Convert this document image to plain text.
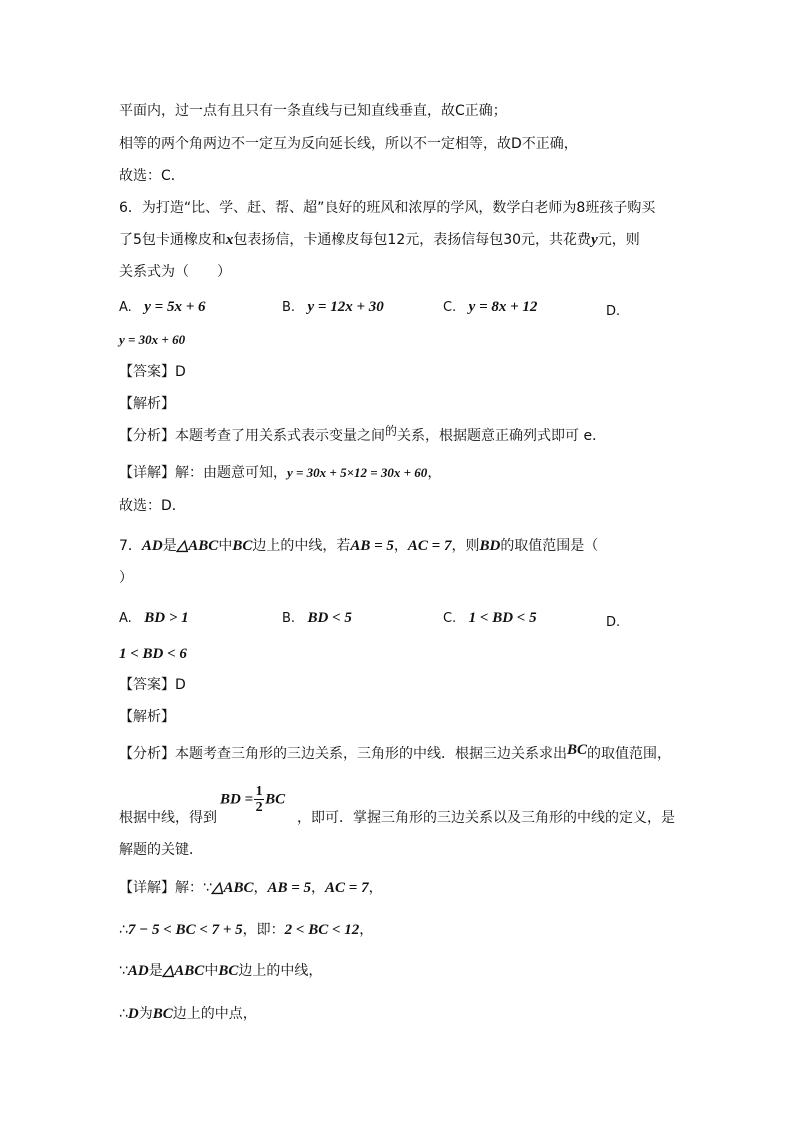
平面内，过一点有且只有一条直线与已知直线垂直，故C正确；
相等的两个角两边不一定互为反向延长线，所以不一定相等，故D不正确，
故选：C．
6．为打造“比、学、赶、帮、超”良好的班风和浓厚的学风，数学白老师为8班孩子购买
了5包卡通橡皮和x包表扬信，卡通橡皮每包12元，表扬信每包30元，共花费y元，则
关系式为（　　）
A. y = 5x + 6	B. y = 12x + 30	C. y = 8x + 12	D.
y = 30x + 60
【答案】D
【解析】
【分析】本题考查了用关系式表示变量之间的关系，根据题意正确列式即可 e．
【详解】解：由题意可知，y = 30x + 5×12 = 30x + 60，
故选：D．
7．AD是△ABC中BC边上的中线，若AB = 5，AC = 7，则BD的取值范围是（
）
A. BD > 1	B. BD < 5	C. 1 < BD < 5	D.
1 < BD < 6
【答案】D
【解析】
【分析】本题考查三角形的三边关系，三角形的中线．根据三边关系求出BC的取值范围，
根据中线，得到
BD = $\frac{1}{2}$ BC
，即可．掌握三角形的三边关系以及三角形的中线的定义，是
解题的关键．
【详解】解：∵△ABC，AB = 5，AC = 7，
∴7 − 5 < BC < 7 + 5，即：2 < BC < 12，
∵AD是△ABC中BC边上的中线，
∴D为BC边上的中点，
